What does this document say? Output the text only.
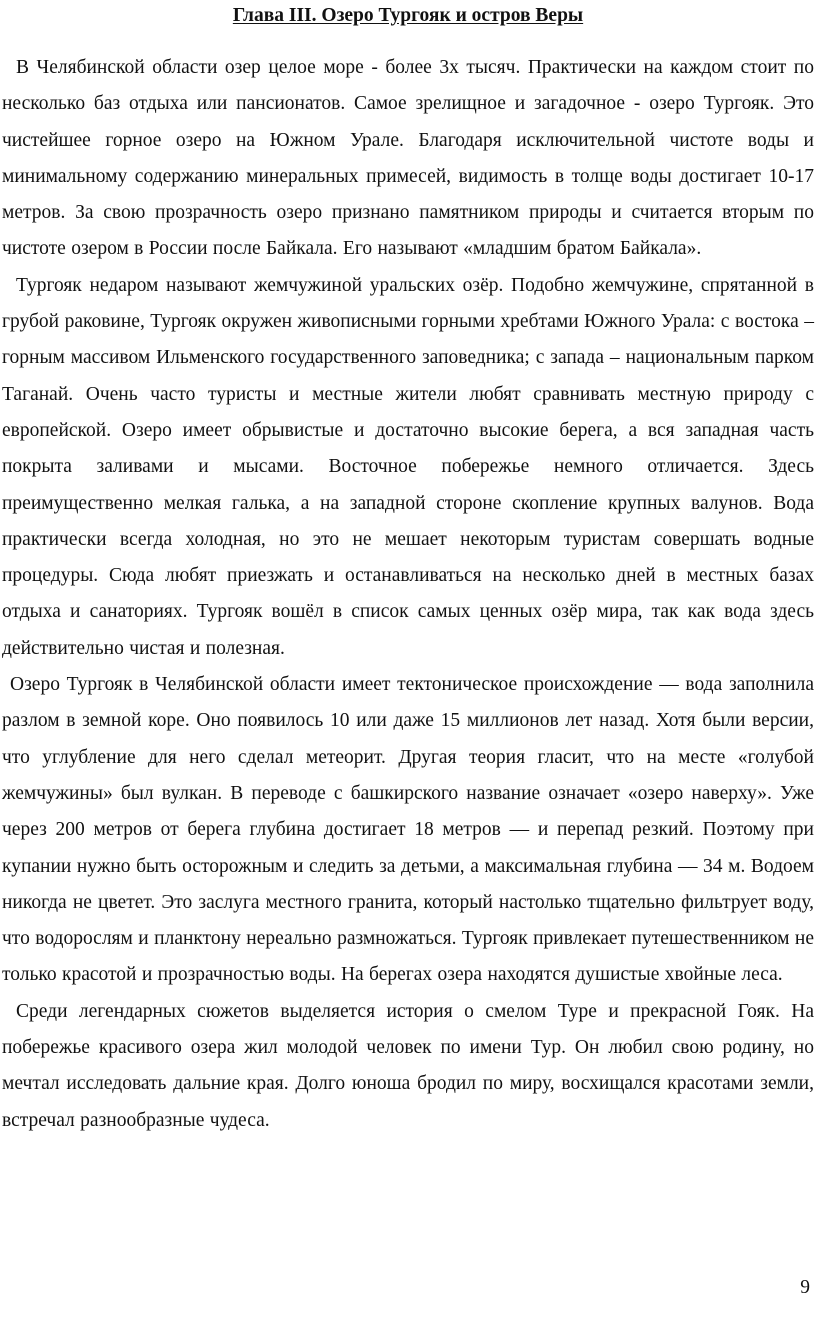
Глава III. Озеро Тургояк и остров Веры

В Челябинской области озер целое море - более 3х тысяч. Практически на каждом стоит по несколько баз отдыха или пансионатов. Самое зрелищное и загадочное - озеро Тургояк. Это чистейшее горное озеро на Южном Урале. Благодаря исключительной чистоте воды и минимальному содержанию минеральных примесей, видимость в толще воды достигает 10-17 метров. За свою прозрачность озеро признано памятником природы и считается вторым по чистоте озером в России после Байкала. Его называют «младшим братом Байкала».

Тургояк недаром называют жемчужиной уральских озёр. Подобно жемчужине, спрятанной в грубой раковине, Тургояк окружен живописными горными хребтами Южного Урала: с востока – горным массивом Ильменского государственного заповедника; с запада – национальным парком Таганай. Очень часто туристы и местные жители любят сравнивать местную природу с европейской. Озеро имеет обрывистые и достаточно высокие берега, а вся западная часть покрыта заливами и мысами. Восточное побережье немного отличается. Здесь преимущественно мелкая галька, а на западной стороне скопление крупных валунов. Вода практически всегда холодная, но это не мешает некоторым туристам совершать водные процедуры. Сюда любят приезжать и останавливаться на несколько дней в местных базах отдыха и санаториях. Тургояк вошёл в список самых ценных озёр мира, так как вода здесь действительно чистая и полезная.

Озеро Тургояк в Челябинской области имеет тектоническое происхождение — вода заполнила разлом в земной коре. Оно появилось 10 или даже 15 миллионов лет назад. Хотя были версии, что углубление для него сделал метеорит. Другая теория гласит, что на месте «голубой жемчужины» был вулкан. В переводе с башкирского название означает «озеро наверху». Уже через 200 метров от берега глубина достигает 18 метров — и перепад резкий. Поэтому при купании нужно быть осторожным и следить за детьми, а максимальная глубина — 34 м. Водоем никогда не цветет. Это заслуга местного гранита, который настолько тщательно фильтрует воду, что водорослям и планктону нереально размножаться. Тургояк привлекает путешественником не только красотой и прозрачностью воды. На берегах озера находятся душистые хвойные леса.

Среди легендарных сюжетов выделяется история о смелом Туре и прекрасной Гояк. На побережье красивого озера жил молодой человек по имени Тур. Он любил свою родину, но мечтал исследовать дальние края. Долго юноша бродил по миру, восхищался красотами земли, встречал разнообразные чудеса.

9
